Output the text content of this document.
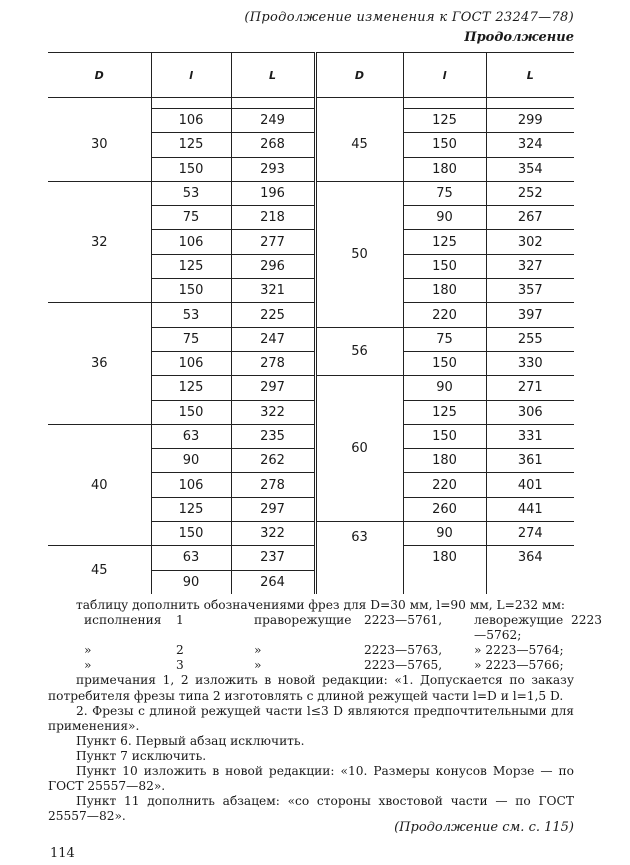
(Продолжение изменения к ГОСТ 23247—78)
Продолжение
D	l	L	D	l	L

30	106	249	45	125	299
	125	268		150	324
	150	293		180	354
32	53	196	50	75	252
	75	218		90	267
	106	277		125	302
	125	296		150	327
	150	321		180	357
36	53	225		220	397
	75	247	56	75	255
	106	278		150	330
	125	297	60	90	271
	150	322		125	306
40	63	235		150	331
	90	262		180	361
	106	278		220	401
	125	297		260	441
	150	322	63	90	274
45	63	237		180	364
	90	264			

таблицу дополнить обозначениями фрез для D=30 мм, l=90 мм, L=232 мм:

исполнения	1	праворежущие	2223—5761,	леворежущие 2223—5762;
»	2	»	2223—5763,	» 2223—5764;
»	3	»	2223—5765,	» 2223—5766;

примечания 1, 2 изложить в новой редакции: «1. Допускается по заказу потребителя фрезы типа 2 изготовлять с длиной режущей части l=D и l=1,5 D.

2. Фрезы с длиной режущей части l≤3 D являются предпочтительными для применения».

Пункт 6. Первый абзац исключить.

Пункт 7 исключить.

Пункт 10 изложить в новой редакции: «10. Размеры конусов Морзе — по ГОСТ 25557—82».

Пункт 11 дополнить абзацем: «со стороны хвостовой части — по ГОСТ 25557—82».

(Продолжение см. с. 115)
114
